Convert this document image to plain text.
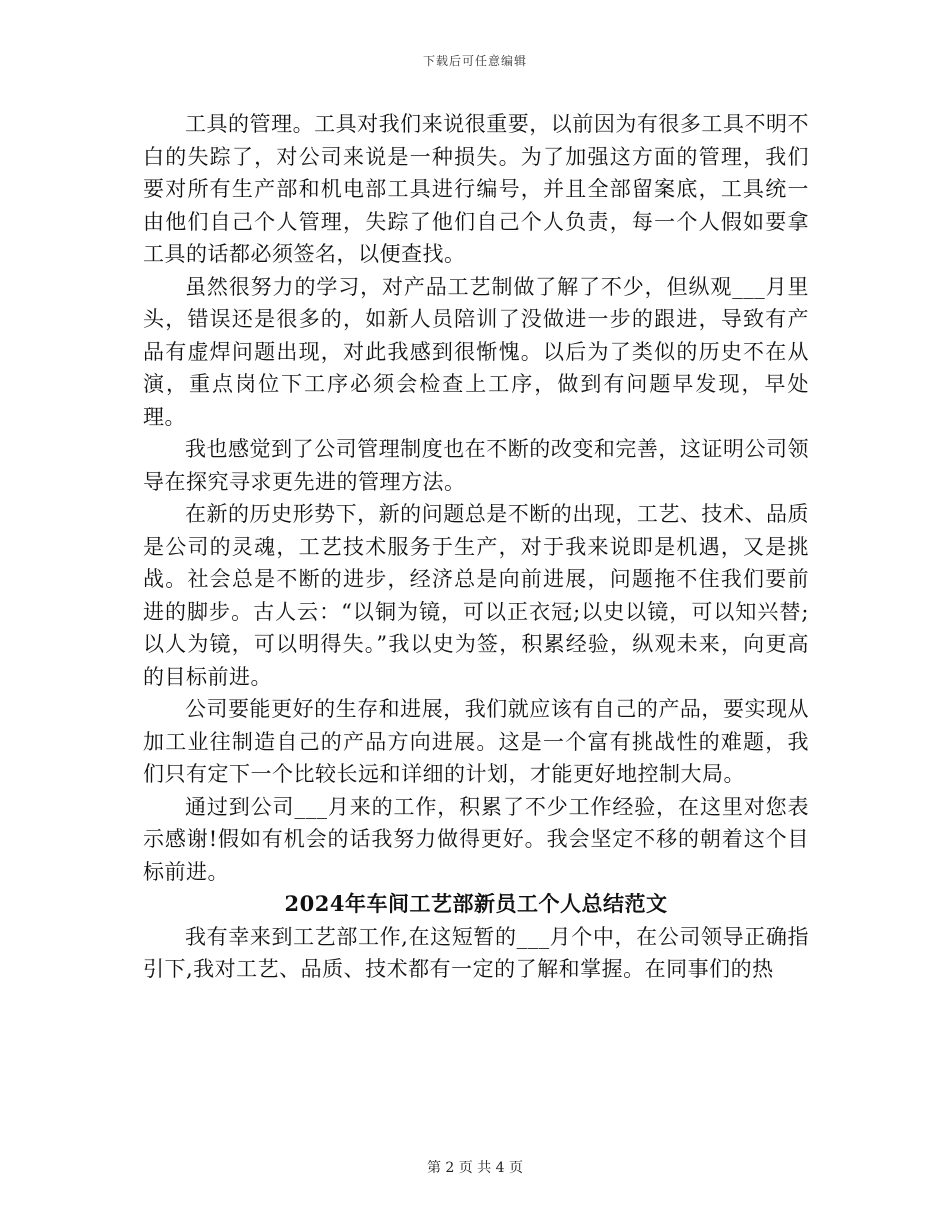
下载后可任意编辑

工具的管理。工具对我们来说很重要，以前因为有很多工具不明不白的失踪了，对公司来说是一种损失。为了加强这方面的管理，我们要对所有生产部和机电部工具进行编号，并且全部留案底，工具统一由他们自己个人管理，失踪了他们自己个人负责，每一个人假如要拿工具的话都必须签名，以便查找。

虽然很努力的学习，对产品工艺制做了解了不少，但纵观___月里头，错误还是很多的，如新人员陪训了没做进一步的跟进，导致有产品有虚焊问题出现，对此我感到很惭愧。以后为了类似的历史不在从演，重点岗位下工序必须会检查上工序，做到有问题早发现，早处理。

我也感觉到了公司管理制度也在不断的改变和完善，这证明公司领导在探究寻求更先进的管理方法。

在新的历史形势下，新的问题总是不断的出现，工艺、技术、品质是公司的灵魂，工艺技术服务于生产，对于我来说即是机遇，又是挑战。社会总是不断的进步，经济总是向前进展，问题拖不住我们要前进的脚步。古人云：“以铜为镜，可以正衣冠;以史以镜，可以知兴替;以人为镜，可以明得失。”我以史为签，积累经验，纵观未来，向更高的目标前进。

公司要能更好的生存和进展，我们就应该有自己的产品，要实现从加工业往制造自己的产品方向进展。这是一个富有挑战性的难题，我们只有定下一个比较长远和详细的计划，才能更好地控制大局。

通过到公司___月来的工作，积累了不少工作经验，在这里对您表示感谢!假如有机会的话我努力做得更好。我会坚定不移的朝着这个目标前进。

2024年车间工艺部新员工个人总结范文

我有幸来到工艺部工作,在这短暂的___月个中，在公司领导正确指引下,我对工艺、品质、技术都有一定的了解和掌握。在同事们的热

第 2 页 共 4 页
